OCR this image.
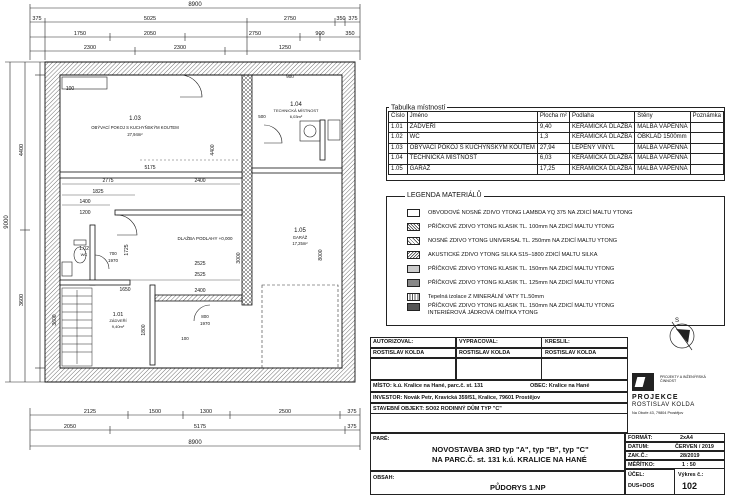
8900
375	5025	2750	350 375
1750	2050	2750	900	350
2300	2300	1250
9000
4400
3600
2125	1500	1300	2500	375
2050	5175	375
8900
1.03
OBÝVACÍ POKOJ S KUCHYŇSKÝM KOUTEM
27,94m²
1.04
TECHNICKÁ MÍSTNOST
6,03m²
1.05
GARÁŽ
17,25m²
1.02
WC
1.01
ZÁDVEŘÍ
9,40m²
DLAŽBA PODLAHY +0,000
5175
2400
2775
1825
1400
1200
100
1650
2525
2400
1800
3600
3000
1725
2525
4400
8000
700
1970
800
1970
100
900
500
S
Tabulka místností
Číslo	Jméno	Plocha m²	Podlaha	Stěny	Poznámka
1.01	ZÁDVEŘÍ	9,40	KERAMICKÁ DLAŽBA	MALBA VÁPENNÁ	
1.02	WC	1,3	KERAMICKÁ DLAŽBA	OBKLAD 1500mm	
1.03	OBÝVACÍ POKOJ S KUCHYŇSKÝM KOUTEM	27,94	LEPENÝ VINYL	MALBA VÁPENNÁ	
1.04	TECHNICKÁ MÍSTNOST	6,03	KERAMICKÁ DLAŽBA	MALBA VÁPENNÁ	
1.05	GARÁŽ	17,25	KERAMICKÁ DLAŽBA	MALBA VÁPENNÁ	
LEGENDA MATERIÁLŮ
OBVODOVÉ NOSNÉ ZDIVO YTONG LAMBDA YQ 375 NA ZDICÍ MALTU YTONG
PŘÍČKOVÉ ZDIVO YTONG KLASIK TL. 100mm NA ZDICÍ MALTU YTONG
NOSNÉ ZDIVO YTONG UNIVERSAL TL. 250mm NA ZDICÍ MALTU YTONG
AKUSTICKÉ ZDIVO YTONG SILKA S15–1800 ZDICÍ MALTU SILKA
PŘÍČKOVÉ ZDIVO YTONG KLASIK TL. 150mm NA ZDICÍ MALTU YTONG
PŘÍČKOVÉ ZDIVO YTONG KLASIK TL. 125mm NA ZDICÍ MALTU YTONG
Tepelná izolace Z MINERÁLNÍ VATY TL.50mm
PŘÍČKOVÉ ZDIVO YTONG KLASIK TL. 150mm NA ZDICÍ MALTU YTONG
INTERIÉROVÁ JÁDROVÁ OMÍTKA YTONG
AUTORIZOVAL:	VYPRACOVAL:	KRESLIL:
ROSTISLAV KOLDA	ROSTISLAV KOLDA	ROSTISLAV KOLDA
MÍSTO: k.ú. Kralice na Hané, parc.č. st. 131	OBEC: Kralice na Hané
INVESTOR: Novák Petr, Kravická 359/51, Kralice, 79601 Prostějov
STAVEBNÍ OBJEKT: SO02 RODINNÝ DŮM TYP "C"
PROJEKCE
ROSTISLAV KOLDA
PROJEKTY A INŽENÝRSKÁ ČINNOST
Na Oboře 43, 79804 Prostějov
PARÉ:
NOVOSTAVBA 3RD typ "A", typ "B", typ "C"
NA PARC.Č. st. 131 k.ú. KRALICE NA HANÉ
OBSAH:
PŮDORYS 1.NP
FORMÁT:	2xA4
DATUM:	ČERVEN / 2019
ZAK.Č.:	28/2019
MĚŘÍTKO:	1 : 50
ÚČEL:
DUS+DOS
Výkres č.:
102
